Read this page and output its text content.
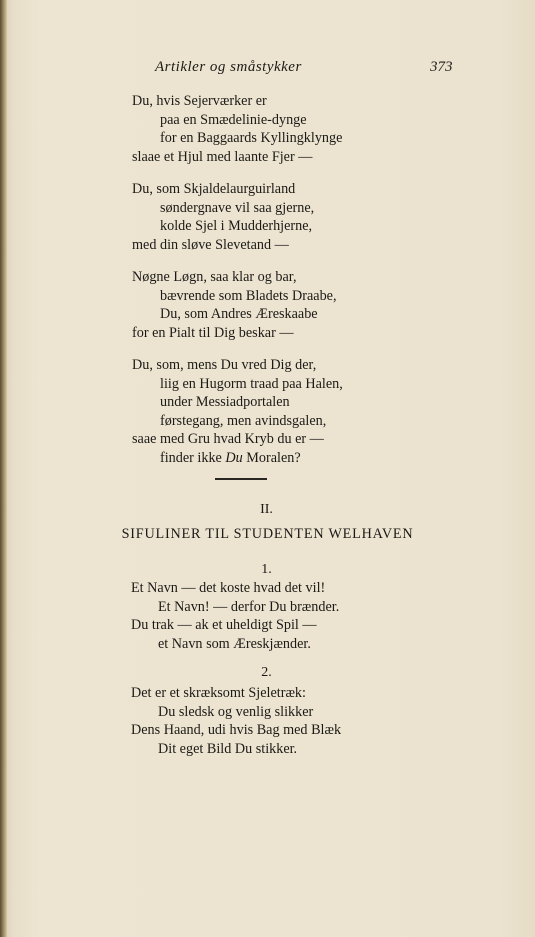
Artikler og småstykker	373
Du, hvis Sejerværker er
paa en Smædelinie-dynge
for en Baggaards Kyllingklynge
slaae et Hjul med laante Fjer —
Du, som Skjaldelaurguirland
søndergnave vil saa gjerne,
kolde Sjel i Mudderhjerne,
med din sløve Slevetand —
Nøgne Løgn, saa klar og bar,
bævrende som Bladets Draabe,
Du, som Andres Æreskaabe
for en Pialt til Dig beskar —
Du, som, mens Du vred Dig der,
liig en Hugorm traad paa Halen,
under Messiadportalen
førstegang, men avindsgalen,
saae med Gru hvad Kryb du er —
finder ikke Du Moralen?
II.
SIFULINER TIL STUDENTEN WELHAVEN
1.
Et Navn — det koste hvad det vil!
Et Navn! — derfor Du brænder.
Du trak — ak et uheldigt Spil —
et Navn som Æreskjænder.
2.
Det er et skræksomt Sjeletræk:
Du sledsk og venlig slikker
Dens Haand, udi hvis Bag med Blæk
Dit eget Bild Du stikker.
